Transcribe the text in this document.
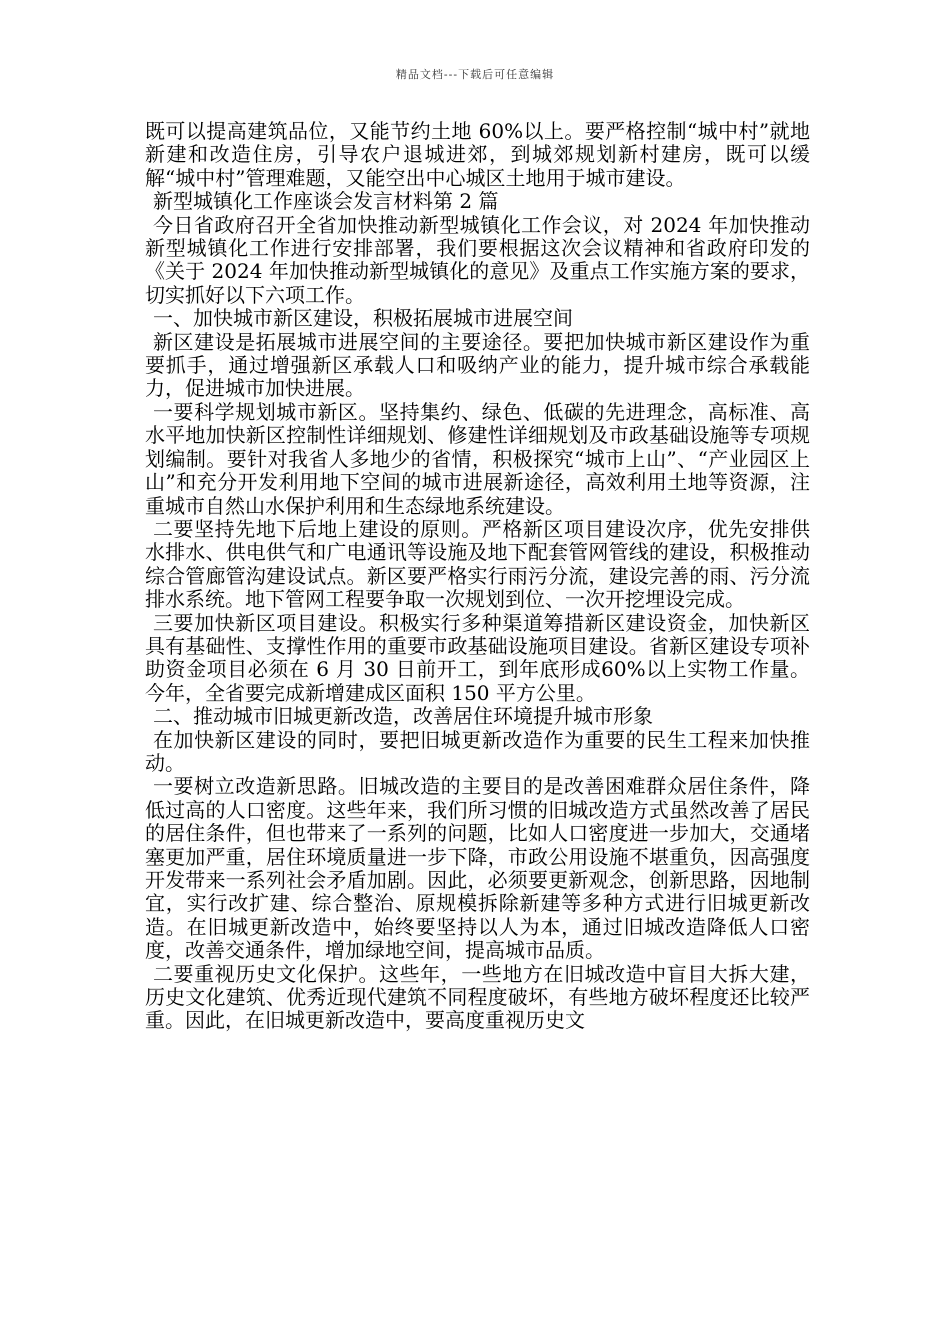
精品文档---下载后可任意编辑

既可以提高建筑品位，又能节约土地 60%以上。要严格控制“城中村”就地新建和改造住房，引导农户退城进郊，到城郊规划新村建房，既可以缓解“城中村”管理难题，又能空出中心城区土地用于城市建设。

新型城镇化工作座谈会发言材料第 2 篇

今日省政府召开全省加快推动新型城镇化工作会议，对 2024 年加快推动新型城镇化工作进行安排部署，我们要根据这次会议精神和省政府印发的《关于 2024 年加快推动新型城镇化的意见》及重点工作实施方案的要求，切实抓好以下六项工作。

一、加快城市新区建设，积极拓展城市进展空间

新区建设是拓展城市进展空间的主要途径。要把加快城市新区建设作为重要抓手，通过增强新区承载人口和吸纳产业的能力，提升城市综合承载能力，促进城市加快进展。

一要科学规划城市新区。坚持集约、绿色、低碳的先进理念，高标准、高水平地加快新区控制性详细规划、修建性详细规划及市政基础设施等专项规划编制。要针对我省人多地少的省情，积极探究“城市上山”、“产业园区上山”和充分开发利用地下空间的城市进展新途径，高效利用土地等资源，注重城市自然山水保护利用和生态绿地系统建设。

二要坚持先地下后地上建设的原则。严格新区项目建设次序，优先安排供水排水、供电供气和广电通讯等设施及地下配套管网管线的建设，积极推动综合管廊管沟建设试点。新区要严格实行雨污分流，建设完善的雨、污分流排水系统。地下管网工程要争取一次规划到位、一次开挖埋设完成。

三要加快新区项目建设。积极实行多种渠道筹措新区建设资金，加快新区具有基础性、支撑性作用的重要市政基础设施项目建设。省新区建设专项补助资金项目必须在 6 月 30 日前开工，到年底形成60%以上实物工作量。今年，全省要完成新增建成区面积 150 平方公里。

二、推动城市旧城更新改造，改善居住环境提升城市形象

在加快新区建设的同时，要把旧城更新改造作为重要的民生工程来加快推动。

一要树立改造新思路。旧城改造的主要目的是改善困难群众居住条件，降低过高的人口密度。这些年来，我们所习惯的旧城改造方式虽然改善了居民的居住条件，但也带来了一系列的问题，比如人口密度进一步加大，交通堵塞更加严重，居住环境质量进一步下降，市政公用设施不堪重负，因高强度开发带来一系列社会矛盾加剧。因此，必须要更新观念，创新思路，因地制宜，实行改扩建、综合整治、原规模拆除新建等多种方式进行旧城更新改造。在旧城更新改造中，始终要坚持以人为本，通过旧城改造降低人口密度，改善交通条件，增加绿地空间，提高城市品质。

二要重视历史文化保护。这些年，一些地方在旧城改造中盲目大拆大建，历史文化建筑、优秀近现代建筑不同程度破坏，有些地方破坏程度还比较严重。因此，在旧城更新改造中，要高度重视历史文
